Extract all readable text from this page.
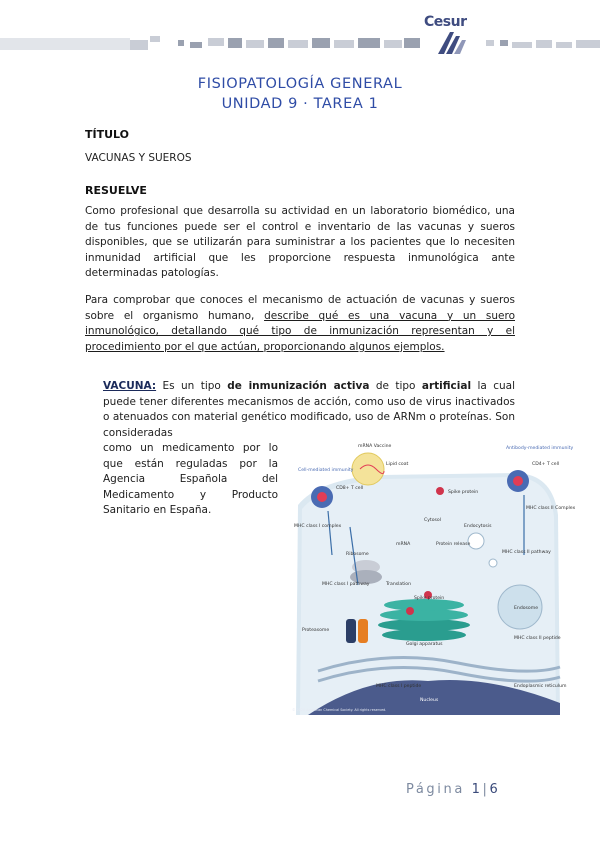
Cesur
FISIOPATOLOGÍA GENERAL
UNIDAD 9 · TAREA 1
TÍTULO
VACUNAS Y SUEROS
RESUELVE
Como profesional que desarrolla su actividad en un laboratorio biomédico, una de tus funciones puede ser el control e inventario de las vacunas y sueros disponibles, que se utilizarán para suministrar a los pacientes que lo necesiten inmunidad artificial que les proporcione respuesta inmunológica ante determinadas patologías.
Para comprobar que conoces el mecanismo de actuación de vacunas y sueros sobre el organismo humano, describe qué es una vacuna y un suero inmunológico, detallando qué tipo de inmunización representan y el procedimiento por el que actúan, proporcionando algunos ejemplos.
VACUNA: Es un tipo de inmunización activa de tipo artificial la cual puede tener diferentes mecanismos de acción, como uso de virus inactivados o atenuados con material genético modificado, uso de ARNm o proteínas. Son consideradas
como un medicamento por lo que están reguladas por la Agencia Española del Medicamento y Producto Sanitario en España.
mRNA Vaccine
Lipid coat
Spike protein
Antibody-mediated immunity
Cell-mediated immunity
CD8+ T cell
CD4+ T cell
Cytosol
Endocytosis
MHC class I complex
MHC class II Complex
mRNA
Ribosome
Translation
Spike protein
Protein release
MHC class II pathway
MHC class I pathway
Endosome
Golgi apparatus
Proteasome
MHC class II peptide
MHC class I peptide	Endoplasmic reticulum
Nucleus
© 2020 American Chemical Society. All rights reserved.
Página 1|6
